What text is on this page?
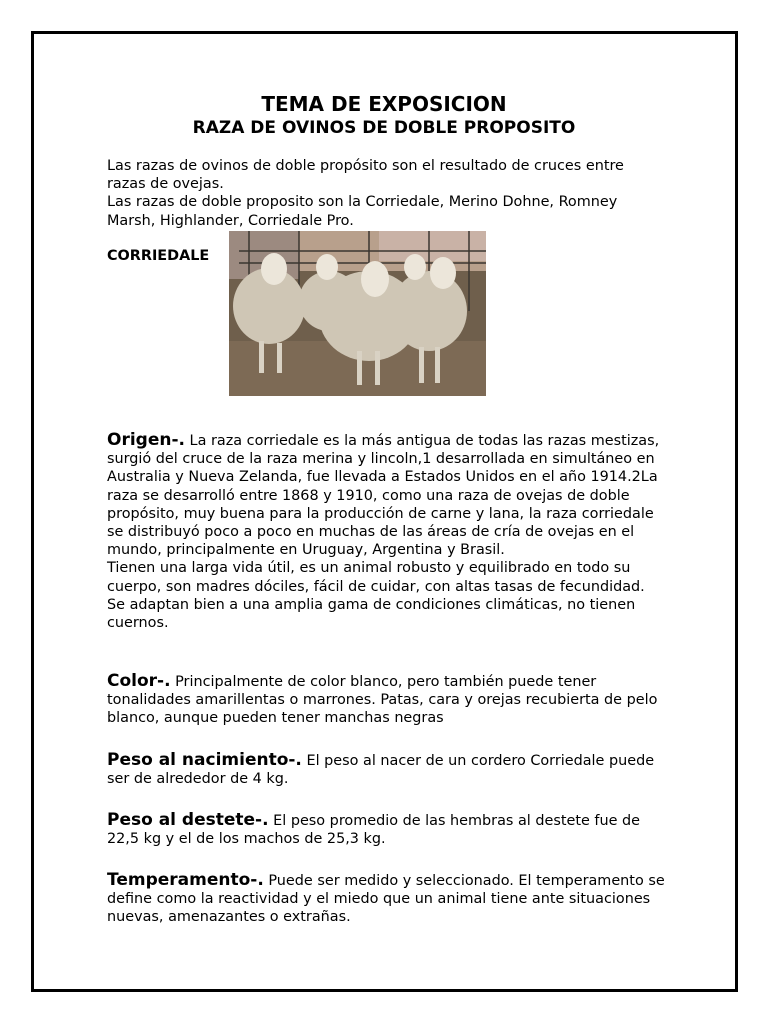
TEMA DE EXPOSICION
RAZA DE OVINOS DE DOBLE PROPOSITO

Las razas de ovinos de doble propósito son el resultado de cruces entre razas de ovejas.

Las razas de doble proposito son la Corriedale, Merino Dohne, Romney Marsh, Highlander, Corriedale Pro.

CORRIEDALE

Origen-. La raza corriedale es la más antigua de todas las razas mestizas, surgió del cruce de la raza merina y lincoln,1 desarrollada en simultáneo en Australia y Nueva Zelanda, fue llevada a Estados Unidos en el año 1914.2La raza se desarrolló entre 1868 y 1910, como una raza de ovejas de doble propósito, muy buena para la producción de carne y lana, la raza corriedale se distribuyó poco a poco en muchas de las áreas de cría de ovejas en el mundo, principalmente en Uruguay, Argentina y Brasil.

Tienen una larga vida útil, es un animal robusto y equilibrado en todo su cuerpo, son madres dóciles, fácil de cuidar, con altas tasas de fecundidad. Se adaptan bien a una amplia gama de condiciones climáticas, no tienen cuernos.

Color-. Principalmente de color blanco, pero también puede tener tonalidades amarillentas o marrones. Patas, cara y orejas recubierta de pelo blanco, aunque pueden tener manchas negras

Peso al nacimiento-. El peso al nacer de un cordero Corriedale puede ser de alrededor de 4 kg.

Peso al destete-. El peso promedio de las hembras al destete fue de 22,5 kg y el de los machos de 25,3 kg.

Temperamento-. Puede ser medido y seleccionado. El temperamento se define como la reactividad y el miedo que un animal tiene ante situaciones nuevas, amenazantes o extrañas.
